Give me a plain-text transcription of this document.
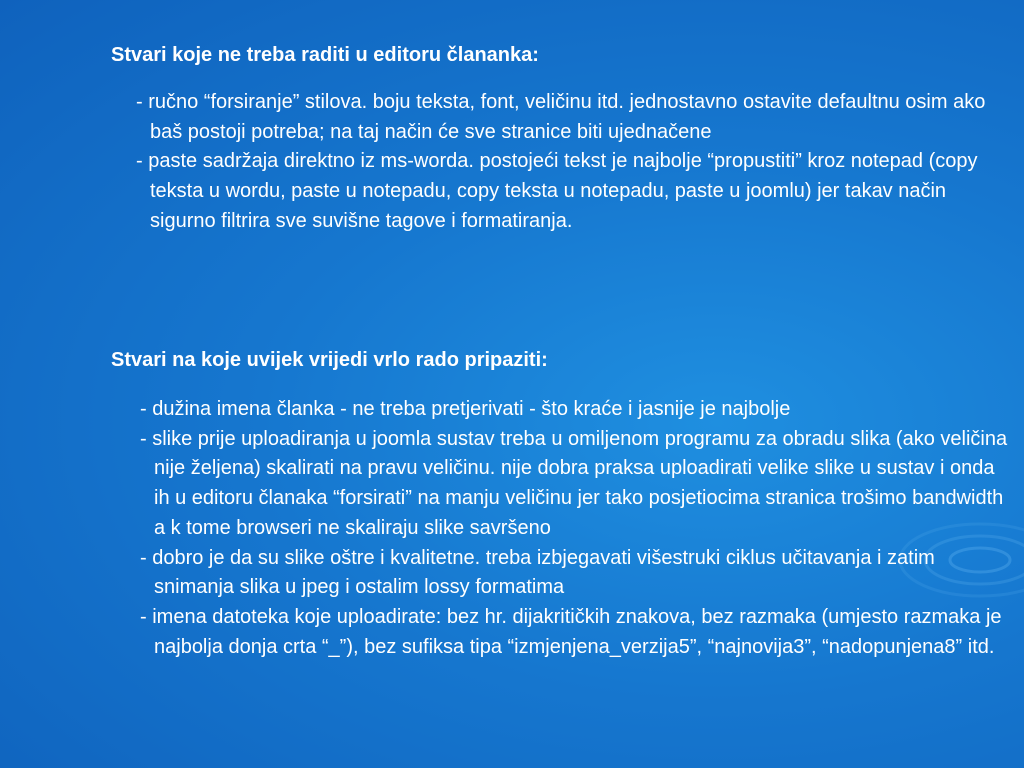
Stvari koje ne treba raditi u editoru člananka:

- ručno “forsiranje” stilova. boju teksta, font, veličinu itd. jednostavno ostavite defaultnu osim ako baš postoji potreba; na taj način će sve stranice biti ujednačene

- paste sadržaja direktno iz ms-worda. postojeći tekst je najbolje “propustiti” kroz notepad (copy teksta u wordu, paste u notepadu, copy teksta u notepadu, paste u joomlu) jer takav način sigurno filtrira sve suvišne tagove i formatiranja.

Stvari na koje uvijek vrijedi vrlo rado pripaziti:

- dužina imena članka - ne treba pretjerivati - što kraće i jasnije je najbolje

- slike prije uploadiranja u joomla sustav treba u omiljenom programu za obradu slika (ako veličina nije željena) skalirati na pravu veličinu. nije dobra praksa uploadirati velike slike u sustav i onda ih u editoru članaka “forsirati” na manju veličinu jer tako posjetiocima stranica trošimo bandwidth a k tome browseri ne skaliraju slike savršeno

- dobro je da su slike oštre i kvalitetne. treba izbjegavati višestruki ciklus učitavanja i zatim snimanja slika u jpeg i ostalim lossy formatima

- imena datoteka koje uploadirate: bez hr. dijakritičkih znakova, bez razmaka (umjesto razmaka je najbolja donja crta “_”), bez sufiksa tipa “izmjenjena_verzija5”, “najnovija3”, “nadopunjena8” itd.
